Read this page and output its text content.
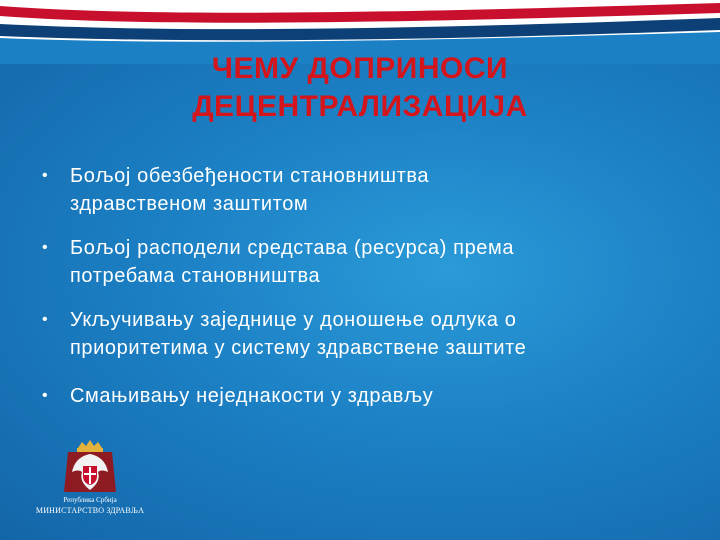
ЧЕМУ ДОПРИНОСИ
ДЕЦЕНТРАЛИЗАЦИЈА
• Бољој обезбеђености становништва
здравственом заштитом
• Бољој расподели средстава (ресурса) према
потребама становништва
• Укључивању заједнице у доношење одлука о
приоритетима у систему здравствене заштите
• Смањивању неједнакости у здрављу
Република Србија
МИНИСТАРСТВО ЗДРАВЉА
